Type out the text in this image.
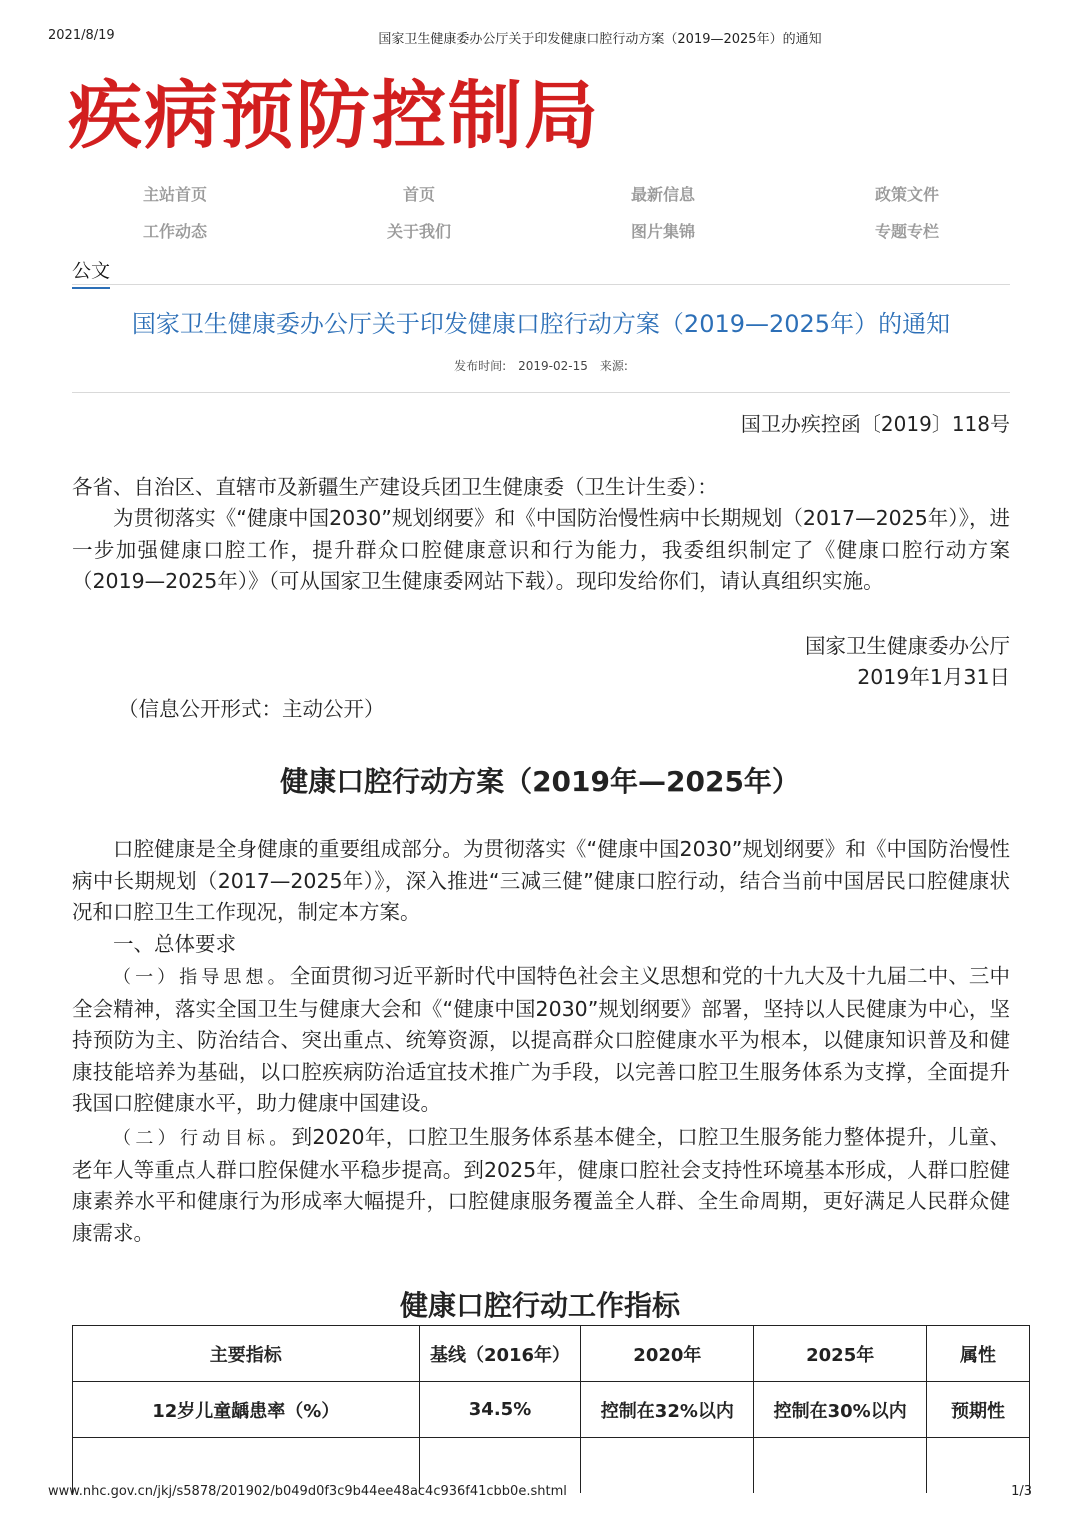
2021/8/19	国家卫生健康委办公厅关于印发健康口腔行动方案（2019—2025年）的通知
疾病预防控制局
主站首页	首页	最新信息	政策文件
工作动态	关于我们	图片集锦	专题专栏
公文
国家卫生健康委办公厅关于印发健康口腔行动方案（2019—2025年）的通知
发布时间: 2019-02-15 来源:
国卫办疾控函〔2019〕118号
各省、自治区、直辖市及新疆生产建设兵团卫生健康委（卫生计生委）：
为贯彻落实《“健康中国2030”规划纲要》和《中国防治慢性病中长期规划（2017—2025年）》，进一步加强健康口腔工作，提升群众口腔健康意识和行为能力，我委组织制定了《健康口腔行动方案（2019—2025年）》（可从国家卫生健康委网站下载）。现印发给你们，请认真组织实施。
国家卫生健康委办公厅
2019年1月31日
（信息公开形式：主动公开）
健康口腔行动方案（2019年—2025年）
口腔健康是全身健康的重要组成部分。为贯彻落实《“健康中国2030”规划纲要》和《中国防治慢性病中长期规划（2017—2025年）》，深入推进“三减三健”健康口腔行动，结合当前中国居民口腔健康状况和口腔卫生工作现况，制定本方案。
一、总体要求
（一）指导思想。全面贯彻习近平新时代中国特色社会主义思想和党的十九大及十九届二中、三中全会精神，落实全国卫生与健康大会和《“健康中国2030”规划纲要》部署，坚持以人民健康为中心，坚持预防为主、防治结合、突出重点、统筹资源，以提高群众口腔健康水平为根本，以健康知识普及和健康技能培养为基础，以口腔疾病防治适宜技术推广为手段，以完善口腔卫生服务体系为支撑，全面提升我国口腔健康水平，助力健康中国建设。
（二）行动目标。到2020年，口腔卫生服务体系基本健全，口腔卫生服务能力整体提升，儿童、老年人等重点人群口腔保健水平稳步提高。到2025年，健康口腔社会支持性环境基本形成，人群口腔健康素养水平和健康行为形成率大幅提升，口腔健康服务覆盖全人群、全生命周期，更好满足人民群众健康需求。
健康口腔行动工作指标
主要指标	基线（2016年）	2020年	2025年	属性
12岁儿童龋患率（%）	34.5%	控制在32%以内	控制在30%以内	预期性

www.nhc.gov.cn/jkj/s5878/201902/b049d0f3c9b44ee48ac4c936f41cbb0e.shtml	1/3
